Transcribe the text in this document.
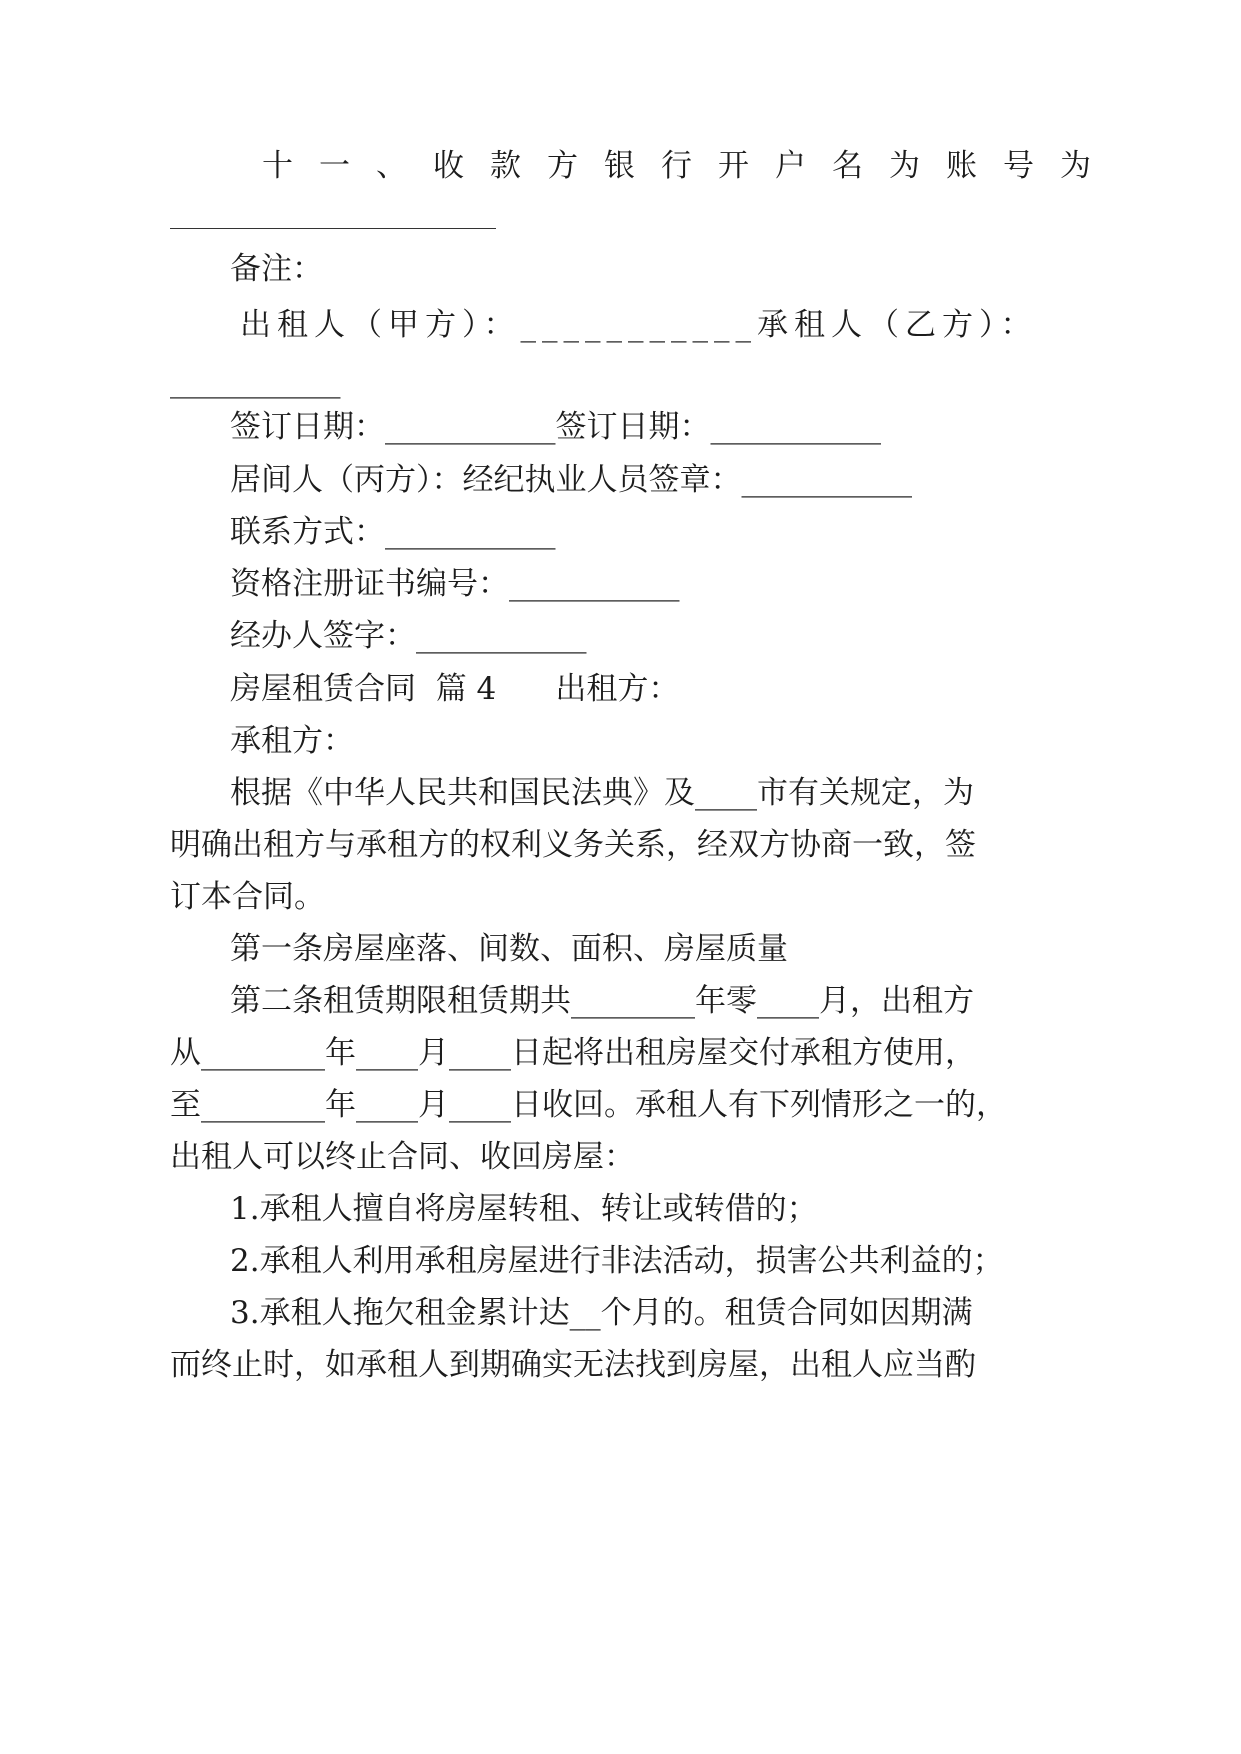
十一、收款方银行开户名为账号为

备注：

出租人（甲方）：___________承租人（乙方）：

___________

签订日期：___________签订日期：___________

居间人（丙方）：经纪执业人员签章：___________

联系方式：___________

资格注册证书编号：___________

经办人签字：___________

房屋租赁合同  篇 4      出租方：

承租方：

根据《中华人民共和国民法典》及____市有关规定，为

明确出租方与承租方的权利义务关系，经双方协商一致，签

订本合同。

第一条房屋座落、间数、面积、房屋质量

第二条租赁期限租赁期共________年零____月，出租方

从________年____月____日起将出租房屋交付承租方使用，

至________年____月____日收回。承租人有下列情形之一的，

出租人可以终止合同、收回房屋：

1.承租人擅自将房屋转租、转让或转借的；

2.承租人利用承租房屋进行非法活动，损害公共利益的；

3.承租人拖欠租金累计达__个月的。租赁合同如因期满

而终止时，如承租人到期确实无法找到房屋，出租人应当酌
